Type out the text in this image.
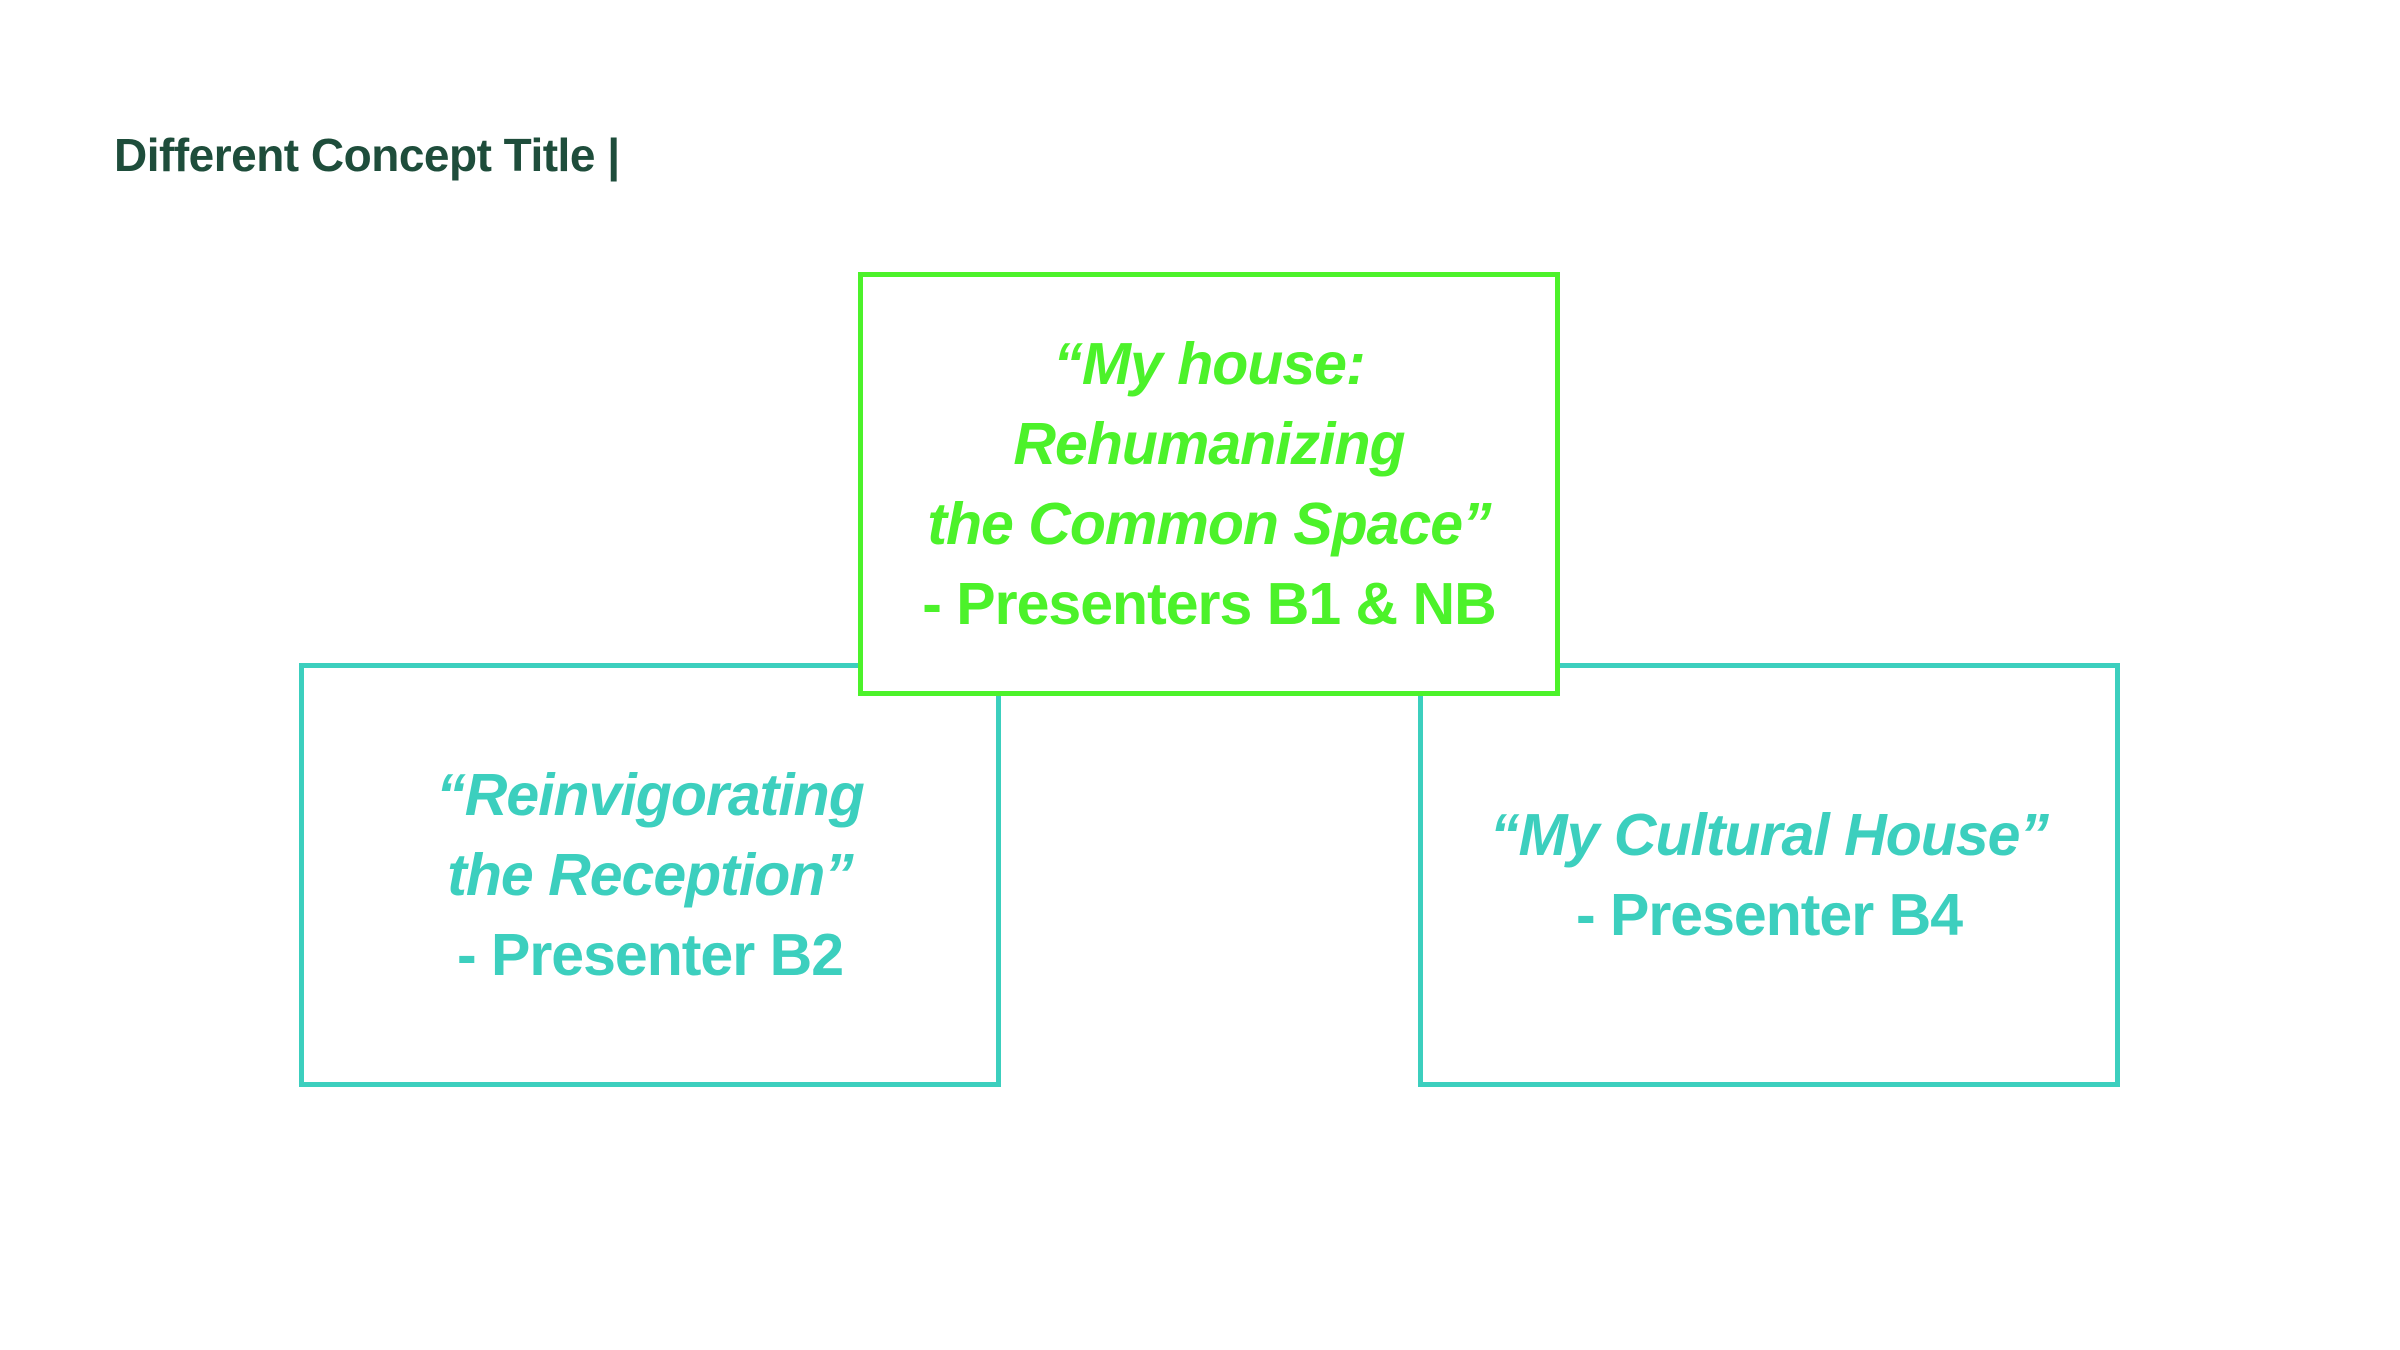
Different Concept Title |
“Reinvigorating
the Reception”
- Presenter B2
“My Cultural House”
- Presenter B4
“My house:
Rehumanizing
the Common Space”
- Presenters B1 & NB
